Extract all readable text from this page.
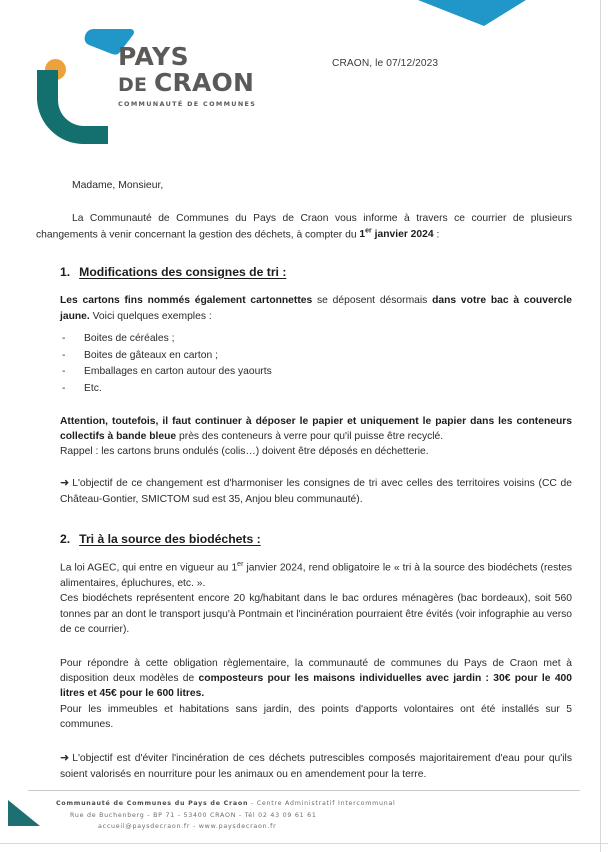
PAYS
DE CRAON
COMMUNAUTÉ DE COMMUNES
CRAON, le 07/12/2023
Madame, Monsieur,

La Communauté de Communes du Pays de Craon vous informe à travers ce courrier de plusieurs changements à venir concernant la gestion des déchets, à compter du 1er janvier 2024 :

1. Modifications des consignes de tri :

Les cartons fins nommés également cartonnettes se déposent désormais dans votre bac à couvercle jaune. Voici quelques exemples :

- Boites de céréales ;
- Boites de gâteaux en carton ;
- Emballages en carton autour des yaourts
- Etc.

Attention, toutefois, il faut continuer à déposer le papier et uniquement le papier dans les conteneurs collectifs à bande bleue près des conteneurs à verre pour qu'il puisse être recyclé.

Rappel : les cartons bruns ondulés (colis…) doivent être déposés en déchetterie.

➜ L'objectif de ce changement est d'harmoniser les consignes de tri avec celles des territoires voisins (CC de Château-Gontier, SMICTOM sud est 35, Anjou bleu communauté).

2. Tri à la source des biodéchets :

La loi AGEC, qui entre en vigueur au 1er janvier 2024, rend obligatoire le « tri à la source des biodéchets (restes alimentaires, épluchures, etc. ».

Ces biodéchets représentent encore 20 kg/habitant dans le bac ordures ménagères (bac bordeaux), soit 560 tonnes par an dont le transport jusqu'à Pontmain et l'incinération pourraient être évités (voir infographie au verso de ce courrier).

Pour répondre à cette obligation règlementaire, la communauté de communes du Pays de Craon met à disposition deux modèles de composteurs pour les maisons individuelles avec jardin : 30€ pour le 400 litres et 45€ pour le 600 litres.

Pour les immeubles et habitations sans jardin, des points d'apports volontaires ont été installés sur 5 communes.

➜ L'objectif est d'éviter l'incinération de ces déchets putrescibles composés majoritairement d'eau pour qu'ils soient valorisés en nourriture pour les animaux ou en amendement pour la terre.

Communauté de Communes du Pays de Craon - Centre Administratif Intercommunal
Rue de Buchenberg - BP 71 - 53400 CRAON - Tél 02 43 09 61 61
accueil@paysdecraon.fr - www.paysdecraon.fr
